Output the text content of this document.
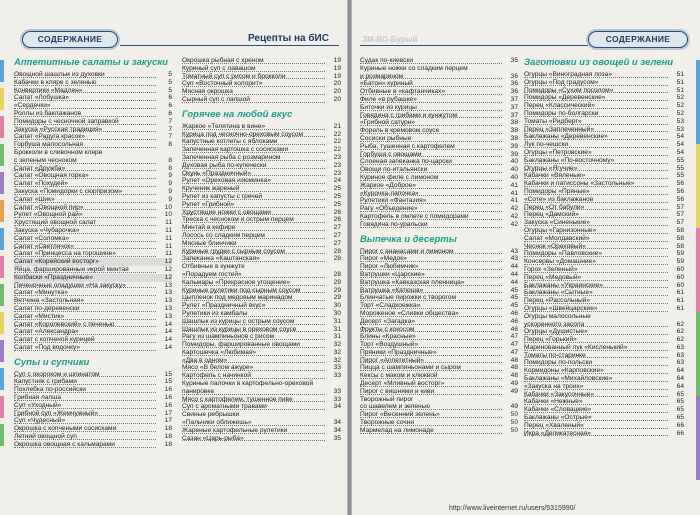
СОДЕРЖАНИЕ	Рецепты на бИС
Аппетитные салаты и закуски
Овощной шашлык из духовки	5
Кабачки в кляре с зеленью	5
Конвертики «Мадлен»	5
Салат «Лобушка»	6
«Сердечки»	6
Роллы из баклажанов	6
Помидоры с чесночной заправкой	7
Закуска «Русская традиция»	7
Салат «Радуга красок»	7
Горбуша малосольная	8
Брокколи в сливочном кляре
с зеленым чесноком	8
Салат «Дружба»	8
Салат «Овощная горка»	9
Салат «Похудей»	9
Закуска «Помидорки с сюрпризом»	9
Салат «Шик»	9
Салат «Овощной пир»	10
Рулет «Овощной рай»	10
Хрустящий овощной салат	11
Закуска «Чубарочка»	11
Салат «Соломка»	11
Салат «Светлячок»	11
Салат «Принцесса на горошине»	11
Салат «Корейский восторг»	12
Яйца, фаршированные икрой минтая	12
Колбаски «Праздничные»	12
Печеночные оладушки «На закуску»	13
Салат «Минутка»	13
Ветчина «Застольная»	13
Салат по-деревенски	13
Салат «Мистик»	13
Салат «Королевский» с печенью	14
Салат «Александра»	14
Салат с копченой курицей	14
Салат «Под водочку»	14
Супы и супчики
Суп с окороком и шпинатом	15
Капустняк с грибами	15
Похлебка по-российски	16
Грибная лапша	16
Суп «Уходный»	16
Грибной суп «Жемчужный»	17
Суп «Чудесный»	17
Окрошка с копчеными сосисками	18
Летний овощной суп	18
Окрошка овощная с кальмарами	18
Окрошка рыбная с хреном	19
Куриный суп с лавашом	19
Томатный суп с рисом и брокколи	19
Суп «Восточный колорит»	20
Мясная окрошка	20
Сырный суп с лапшой	20
Горячее на любой вкус
Жаркое «Телятина в вине»	21
Курица под чесночно-ореховым соусом	22
Капустные котлеты с яблоками	22
Запеченная картошка с сосисками	22
Запеченная рыба с розмарином	23
Духовая рыба по-купечески	23
Окунь «Праздничный»	23
Рулет «Ореховая изюминка»	24
Крученик жареный	25
Рулет из капусты с гречей	25
Рулет «Грибной»	25
Хрустящие ножки с овощами	26
Треска с чесноком и острым перцем	26
Минтай в кефире	27
Лосось со сладким перцем	27
Мясные блинчики	27
Куриные грудки с сырным соусом	28
Запеканка «Каштанская»	28
Отбивные в кунжуте
«Порадуем гостей»	28
Кальмары «Прекрасное угощение»	29
Куриные рулетики под сырным соусом	29
Цыпленок под медовым маринадом	29
Рулет «Праздничный вкус»	30
Рулетики из камбалы	30
Шашлык из курицы с острым соусом	31
Шашлык из курицы в ореховом соусе	31
Рагу из шампиньонов с рисом	31
Помидоры, фаршированные овощами	32
Картошечка «Любимая»	32
«Два в одном»	32
Мясо «В белом ажуре»	33
Картофель с начинкой	33
Куриные палочки в картофельно-ореховой
панировке	33
Мясо с картофелем, тушенное пиве	33
Суп с ароматными травами	34
Свиные ребрышки
«Пальчики оближешь»	34
Жареные картофельные рулетики	34
Сазан «Царь-рыба»	35
ЗМ-ВО-Бурый	СОДЕРЖАНИЕ
Судак по-киевски	35
Куриные ножки со сладким перцем
и розмарином	36
«Батон» куриный	36
Отбивные в «кафтанчиках»	36
Филе «в рубашке»	37
Биточки из курицы	37
Говядина с грибами и кунжутом	37
«Грибной сатурн»	38
Форель в кремовом соусе	38
Сосиски рыбные	38
Рыба, тушенная с картофелем	39
Горбуша с овощами	39
Слоеная запеканка по-царски	40
Овощи по-итальянски	40
Куриное филе с лимоном	40
Жаркое «Доброе»	41
«Курочка-лапочка»	41
Рулетики «Фантазия»	41
Рагу «Объедение»	42
Картофель в омлете с помидорами	42
Говядина по-уральски	42
Выпечка и десерты
Пирог с ананасами и лимоном	43
Пирог «Медок»	43
Пирог «Любимчик»	44
Ватрушки «Царские»	44
Ватрушка «Кавказская пленница»	44
Ватрушка «Катюша»	45
Блинчатые пирожки с творогом	45
Торт «Сладкоежка»	45
Мороженое «Сливки общества»	46
Десерт «Загадка»	46
Фрукты с кокосом	46
Блины «Красные»	47
Торт «Воздушный»	47
Пряники «Праздничные»	47
Пирог «Аппетитный»	48
Пицца с шампиньонами и сыром	48
Кексы с маком и клюквой	48
Десерт «Мливный восторг»	49
Пирог с вишнями и киви	49
Творожный пирог
со шавелем и зеленью	49
Пирог «Весенний зелень»	50
Творожные сочни	50
Мармелад на лимонаде	50
Заготовки из овощей и зелени
Огурцы «Виноградная лоза»	51
Огурцы «Под градусом»	51
Помидоры «Сухим посолом»	51
Помидоры «Деревенские»	52
Перец «Классический»	52
Помидоры по-болгарски	52
Томаты «Ридберг»	53
Перец «Заплеченный»	53
Баклажаны «Деревенские»	54
Лук по-чешски	54
Огурцы «Петровские»	54
Баклажаны «По-восточному»	55
Огурцы «Ягучие»	55
Кабачки «Вяленые»	55
Кабачки и патиссоны «Застольные»	56
Помидоры «Пряные»	56
«Соте» из баклажанов	56
Перец «От бабули»	57
Перец «Дамский»	57
Закуска «Синенькие»	57
Огурцы «Гарнизонные»	58
Салат «Молдавский»	58
Чеснок «Ореховый»	58
Помидоры «Павловские»	59
Консервы «Домашние»	59
Горох «Зеленый»	60
Перец «Медовый»	60
Баклажаны «Украинские»	60
Баклажаны «Сытные»	61
Перец «Рассольный»	61
Огурцы «Швейцарские»	61
Огурцы малосольные
ускоренного засола	62
Огурцы «Душистые»	62
Перец «Горький»	62
Маринованный лук «Кисленький»	63
Томаты по-старинке	63
Помидоры по-польски	63
Кормидоны «Карповские»	64
Баклажаны «Михайловские»	64
«Закуска на троих»	64
Кабачки «Закусочные»	65
Кабачки «Нежные»	65
Кабачки «Словацкие»	65
Баклажаны «Острые»	65
Перец «Хваленый»	66
Икра «Деликатесная»	66
http://www.liveinternet.ru/users/5315990/
